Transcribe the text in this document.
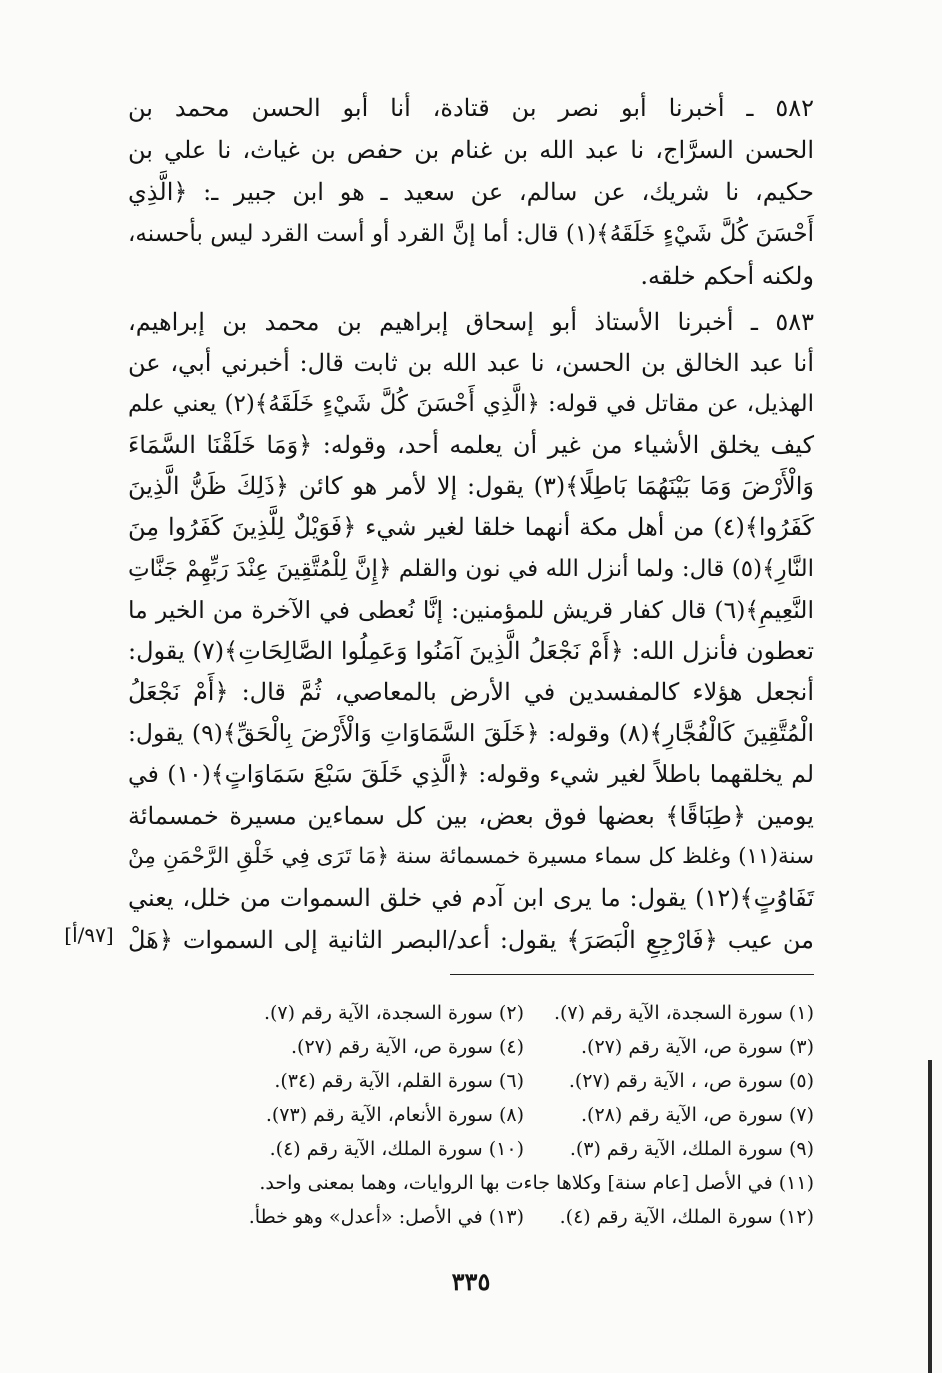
٥٨٢ ـ أخبرنا أبو نصر بن قتادة، أنا أبو الحسن محمد بن
الحسن السرَّاج، نا عبد الله بن غنام بن حفص بن غياث، نا علي بن
حكيم، نا شريك، عن سالم، عن سعيد ـ هو ابن جبير ـ: ﴿الَّذِي
أَحْسَنَ كُلَّ شَيْءٍ خَلَقَهُ﴾(١) قال: أما إنَّ القرد أو أست القرد ليس بأحسنه،
ولكنه أحكم خلقه.
٥٨٣ ـ أخبرنا الأستاذ أبو إسحاق إبراهيم بن محمد بن إبراهيم،
أنا عبد الخالق بن الحسن، نا عبد الله بن ثابت قال: أخبرني أبي، عن
الهذيل، عن مقاتل في قوله: ﴿الَّذِي أَحْسَنَ كُلَّ شَيْءٍ خَلَقَهُ﴾(٢) يعني علم
كيف يخلق الأشياء من غير أن يعلمه أحد، وقوله: ﴿وَمَا خَلَقْنَا السَّمَاءَ
وَالْأَرْضَ وَمَا بَيْنَهُمَا بَاطِلًا﴾(٣) يقول: إلا لأمر هو كائن ﴿ذَلِكَ ظَنُّ الَّذِينَ
كَفَرُوا﴾(٤) من أهل مكة أنهما خلقا لغير شيء ﴿فَوَيْلٌ لِلَّذِينَ كَفَرُوا مِنَ
النَّارِ﴾(٥) قال: ولما أنزل الله في نون والقلم ﴿إِنَّ لِلْمُتَّقِينَ عِنْدَ رَبِّهِمْ جَنَّاتِ
النَّعِيمِ﴾(٦) قال كفار قريش للمؤمنين: إنَّا نُعطى في الآخرة من الخير ما
تعطون فأنزل الله: ﴿أَمْ نَجْعَلُ الَّذِينَ آمَنُوا وَعَمِلُوا الصَّالِحَاتِ﴾(٧) يقول:
أنجعل هؤلاء كالمفسدين في الأرض بالمعاصي، ثُمَّ قال: ﴿أَمْ نَجْعَلُ
الْمُتَّقِينَ كَالْفُجَّارِ﴾(٨) وقوله: ﴿خَلَقَ السَّمَاوَاتِ وَالْأَرْضَ بِالْحَقِّ﴾(٩) يقول:
لم يخلقهما باطلاً لغير شيء وقوله: ﴿الَّذِي خَلَقَ سَبْعَ سَمَاوَاتٍ﴾(١٠) في
يومين ﴿طِبَاقًا﴾ بعضها فوق بعض، بين كل سماءين مسيرة خمسمائة
سنة(١١) وغلظ كل سماء مسيرة خمسمائة سنة ﴿مَا تَرَى فِي خَلْقِ الرَّحْمَنِ مِنْ
تَفَاوُتٍ﴾(١٢) يقول: ما يرى ابن آدم في خلق السموات من خلل، يعني
من عيب ﴿فَارْجِعِ الْبَصَرَ﴾ يقول: أعد/البصر الثانية إلى السموات ﴿هَلْ
[٩٧/أ]
(١) سورة السجدة، الآية رقم (٧).
(٢) سورة السجدة، الآية رقم (٧).
(٣) سورة ص، الآية رقم (٢٧).
(٤) سورة ص، الآية رقم (٢٧).
(٥) سورة ص، ، الآية رقم (٢٧).
(٦) سورة القلم، الآية رقم (٣٤).
(٧) سورة ص، الآية رقم (٢٨).
(٨) سورة الأنعام، الآية رقم (٧٣).
(٩) سورة الملك، الآية رقم (٣).
(١٠) سورة الملك، الآية رقم (٤).
(١١) في الأصل [عام سنة] وكلاها جاءت بها الروايات، وهما بمعنى واحد.
(١٢) سورة الملك، الآية رقم (٤).
(١٣) في الأصل: «أعدل» وهو خطأ.
٣٣٥
